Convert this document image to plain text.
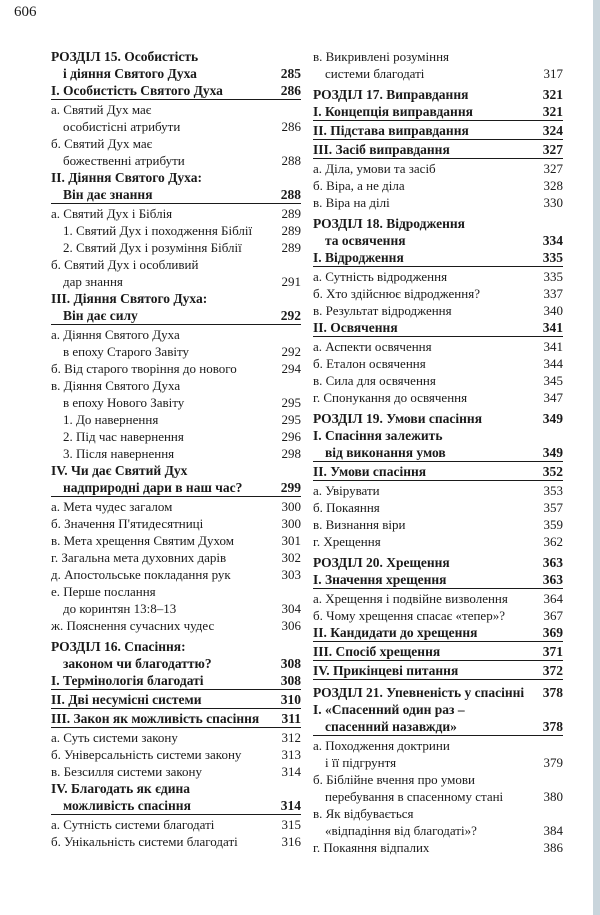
606
РОЗДІЛ 15. Особистість
і діяння Святого Духа	285
І. Особистість Святого Духа	286
а. Святий Дух має
особистісні атрибути	286
б. Святий Дух має
божественні атрибути	288
ІІ. Діяння Святого Духа:
Він дає знання	288
а. Святий Дух і Біблія	289
1. Святий Дух і походження Біблії	289
2. Святий Дух і розуміння Біблії	289
б. Святий Дух і особливий
дар знання	291
ІІІ. Діяння Святого Духа:
Він дає силу	292
а. Діяння Святого Духа
в епоху Старого Завіту	292
б. Від старого творіння до нового	294
в. Діяння Святого Духа
в епоху Нового Завіту	295
1. До навернення	295
2. Під час навернення	296
3. Після навернення	298
IV. Чи дає Святий Дух
надприродні дари в наш час?	299
а. Мета чудес загалом	300
б. Значення П'ятидесятниці	300
в. Мета хрещення Святим Духом	301
г. Загальна мета духовних дарів	302
д. Апостольське покладання рук	303
е. Перше послання
до коринтян 13:8–13	304
ж. Пояснення сучасних чудес	306
РОЗДІЛ 16. Спасіння:
законом чи благодаттю?	308
І. Термінологія благодаті	308
ІІ. Дві несумісні системи	310
ІІІ. Закон як можливість спасіння	311
а. Суть системи закону	312
б. Універсальність системи закону	313
в. Безсилля системи закону	314
IV. Благодать як єдина
можливість спасіння	314
а. Сутність системи благодаті	315
б. Унікальність системи благодаті	316
в. Викривлені розуміння
системи благодаті	317
РОЗДІЛ 17. Виправдання	321
І. Концепція виправдання	321
ІІ. Підстава виправдання	324
ІІІ. Засіб виправдання	327
а. Діла, умови та засіб	327
б. Віра, а не діла	328
в. Віра на ділі	330
РОЗДІЛ 18. Відродження
та освячення	334
І. Відродження	335
а. Сутність відродження	335
б. Хто здійснює відродження?	337
в. Результат відродження	340
ІІ. Освячення	341
а. Аспекти освячення	341
б. Еталон освячення	344
в. Сила для освячення	345
г. Спонукання до освячення	347
РОЗДІЛ 19. Умови спасіння	349
І. Спасіння залежить
від виконання умов	349
ІІ. Умови спасіння	352
а. Увірувати	353
б. Покаяння	357
в. Визнання віри	359
г. Хрещення	362
РОЗДІЛ 20. Хрещення	363
І. Значення хрещення	363
а. Хрещення і подвійне визволення	364
б. Чому хрещення спасає «тепер»?	367
ІІ. Кандидати до хрещення	369
ІІІ. Спосіб хрещення	371
IV. Прикінцеві питання	372
РОЗДІЛ 21. Упевненість у спасінні	378
І. «Спасенний один раз –
спасенний назавжди»	378
а. Походження доктрини
і її підгрунтя	379
б. Біблійне вчення про умови
перебування в спасенному стані	380
в. Як відбувається
«відпадіння від благодаті»?	384
г. Покаяння відпалих	386
